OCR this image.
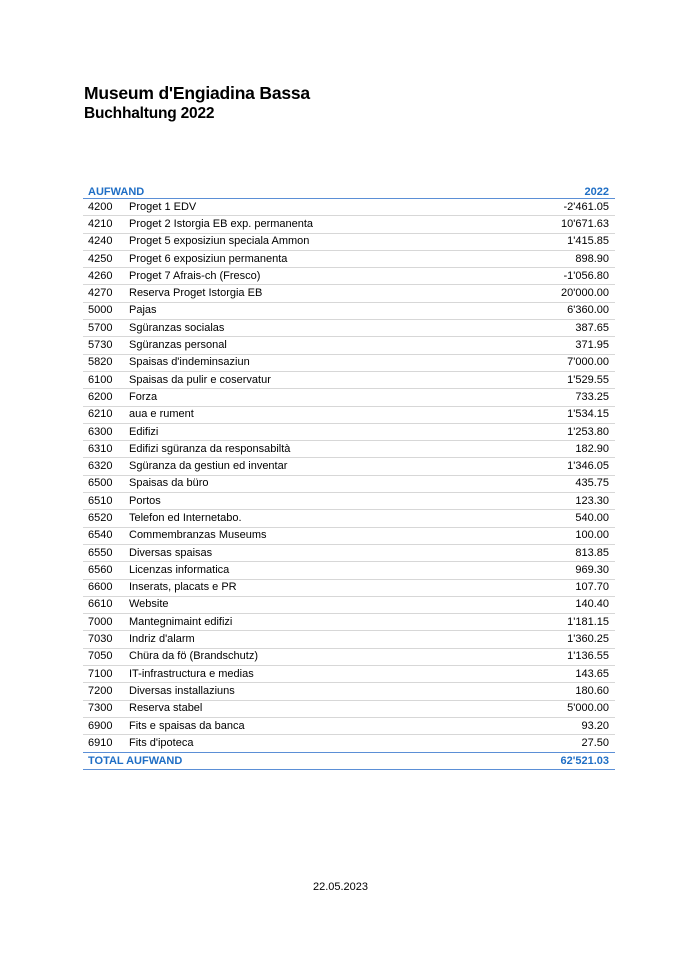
Museum d'Engiadina Bassa
Buchhaltung 2022
AUFWAND	2022
4200	Proget 1 EDV	-2'461.05
4210	Proget 2 Istorgia EB exp. permanenta	10'671.63
4240	Proget 5 exposiziun speciala Ammon	1'415.85
4250	Proget 6 exposiziun permanenta	898.90
4260	Proget 7 Afrais-ch (Fresco)	-1'056.80
4270	Reserva Proget Istorgia EB	20'000.00
5000	Pajas	6'360.00
5700	Sgüranzas socialas	387.65
5730	Sgüranzas personal	371.95
5820	Spaisas d'indeminsaziun	7'000.00
6100	Spaisas da pulir e coservatur	1'529.55
6200	Forza	733.25
6210	aua e rument	1'534.15
6300	Edifizi	1'253.80
6310	Edifizi sgüranza da responsabiltà	182.90
6320	Sgüranza da gestiun ed inventar	1'346.05
6500	Spaisas da büro	435.75
6510	Portos	123.30
6520	Telefon ed Internetabo.	540.00
6540	Commembranzas Museums	100.00
6550	Diversas spaisas	813.85
6560	Licenzas informatica	969.30
6600	Inserats, placats e PR	107.70
6610	Website	140.40
7000	Mantegnimaint edifizi	1'181.15
7030	Indriz d'alarm	1'360.25
7050	Chüra da fö (Brandschutz)	1'136.55
7100	IT-infrastructura e medias	143.65
7200	Diversas installaziuns	180.60
7300	Reserva stabel	5'000.00
6900	Fits e spaisas da banca	93.20
6910	Fits d'ipoteca	27.50
TOTAL AUFWAND	62'521.03
22.05.2023
